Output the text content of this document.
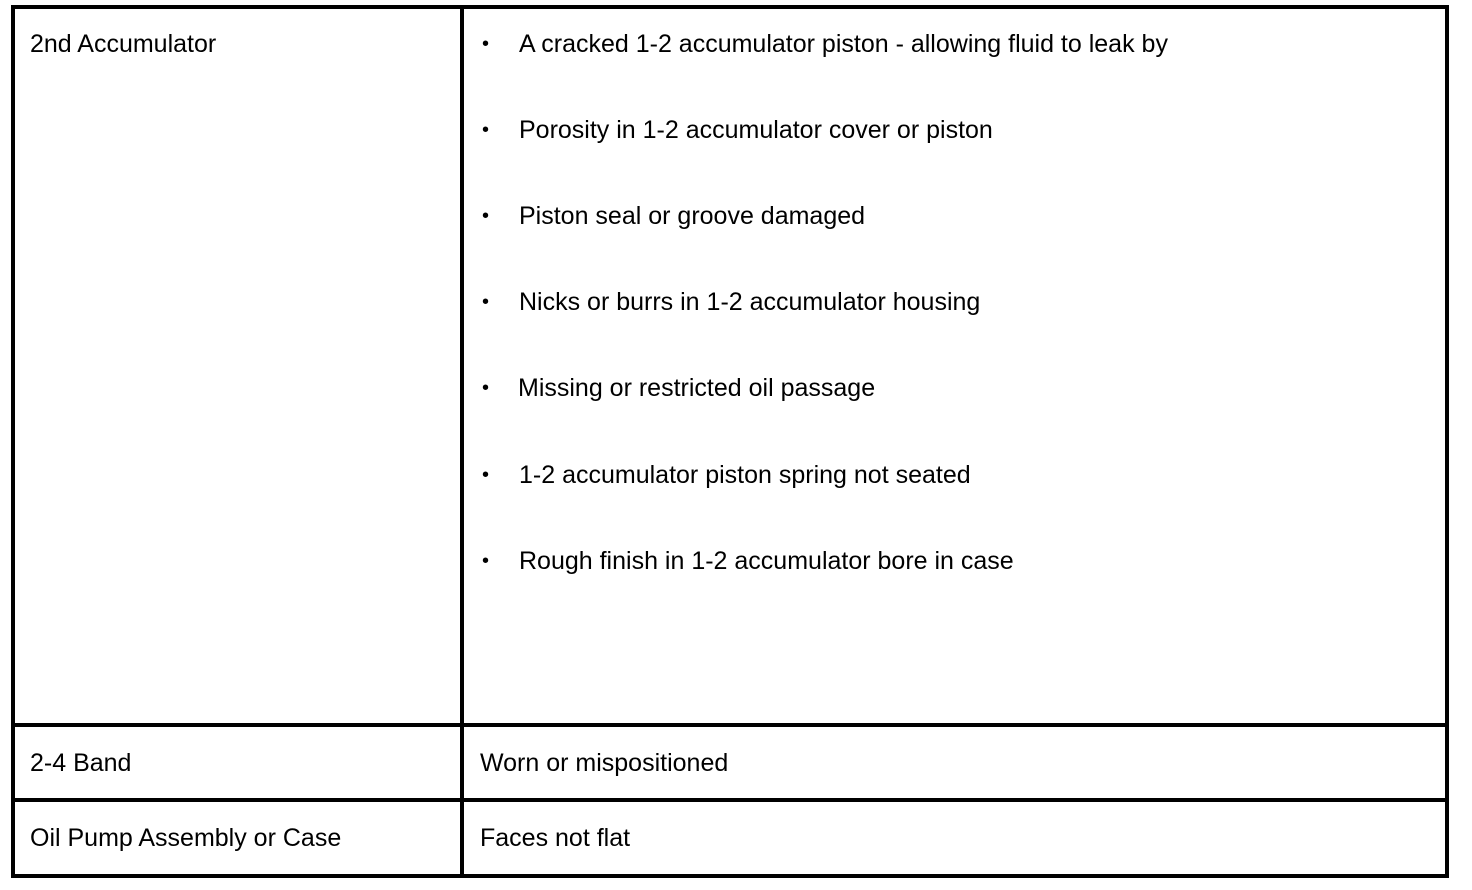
2nd Accumulator	• A cracked 1-2 accumulator piston - allowing fluid to leak by
• Porosity in 1-2 accumulator cover or piston
• Piston seal or groove damaged
• Nicks or burrs in 1-2 accumulator housing
• Missing or restricted oil passage
• 1-2 accumulator piston spring not seated
• Rough finish in 1-2 accumulator bore in case
2-4 Band	Worn or mispositioned
Oil Pump Assembly or Case	Faces not flat
